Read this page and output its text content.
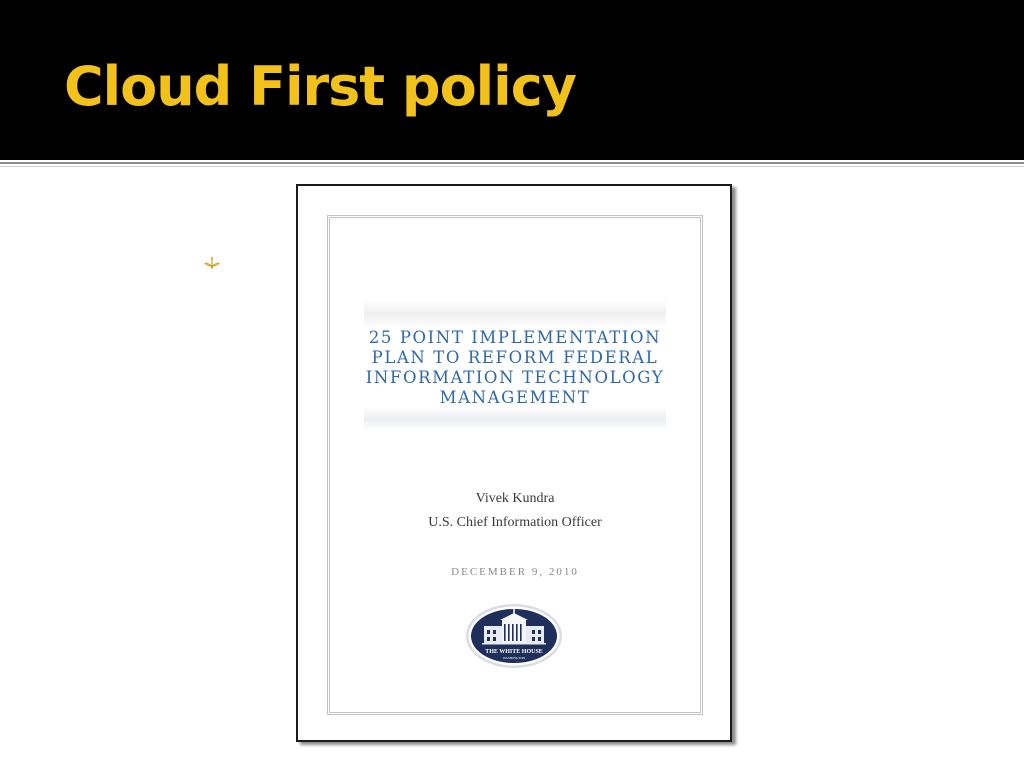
Cloud First policy
25 POINT IMPLEMENTATION
PLAN TO REFORM FEDERAL
INFORMATION TECHNOLOGY
MANAGEMENT
Vivek Kundra
U.S. Chief Information Officer
DECEMBER 9, 2010
THE WHITE HOUSE
WASHINGTON
